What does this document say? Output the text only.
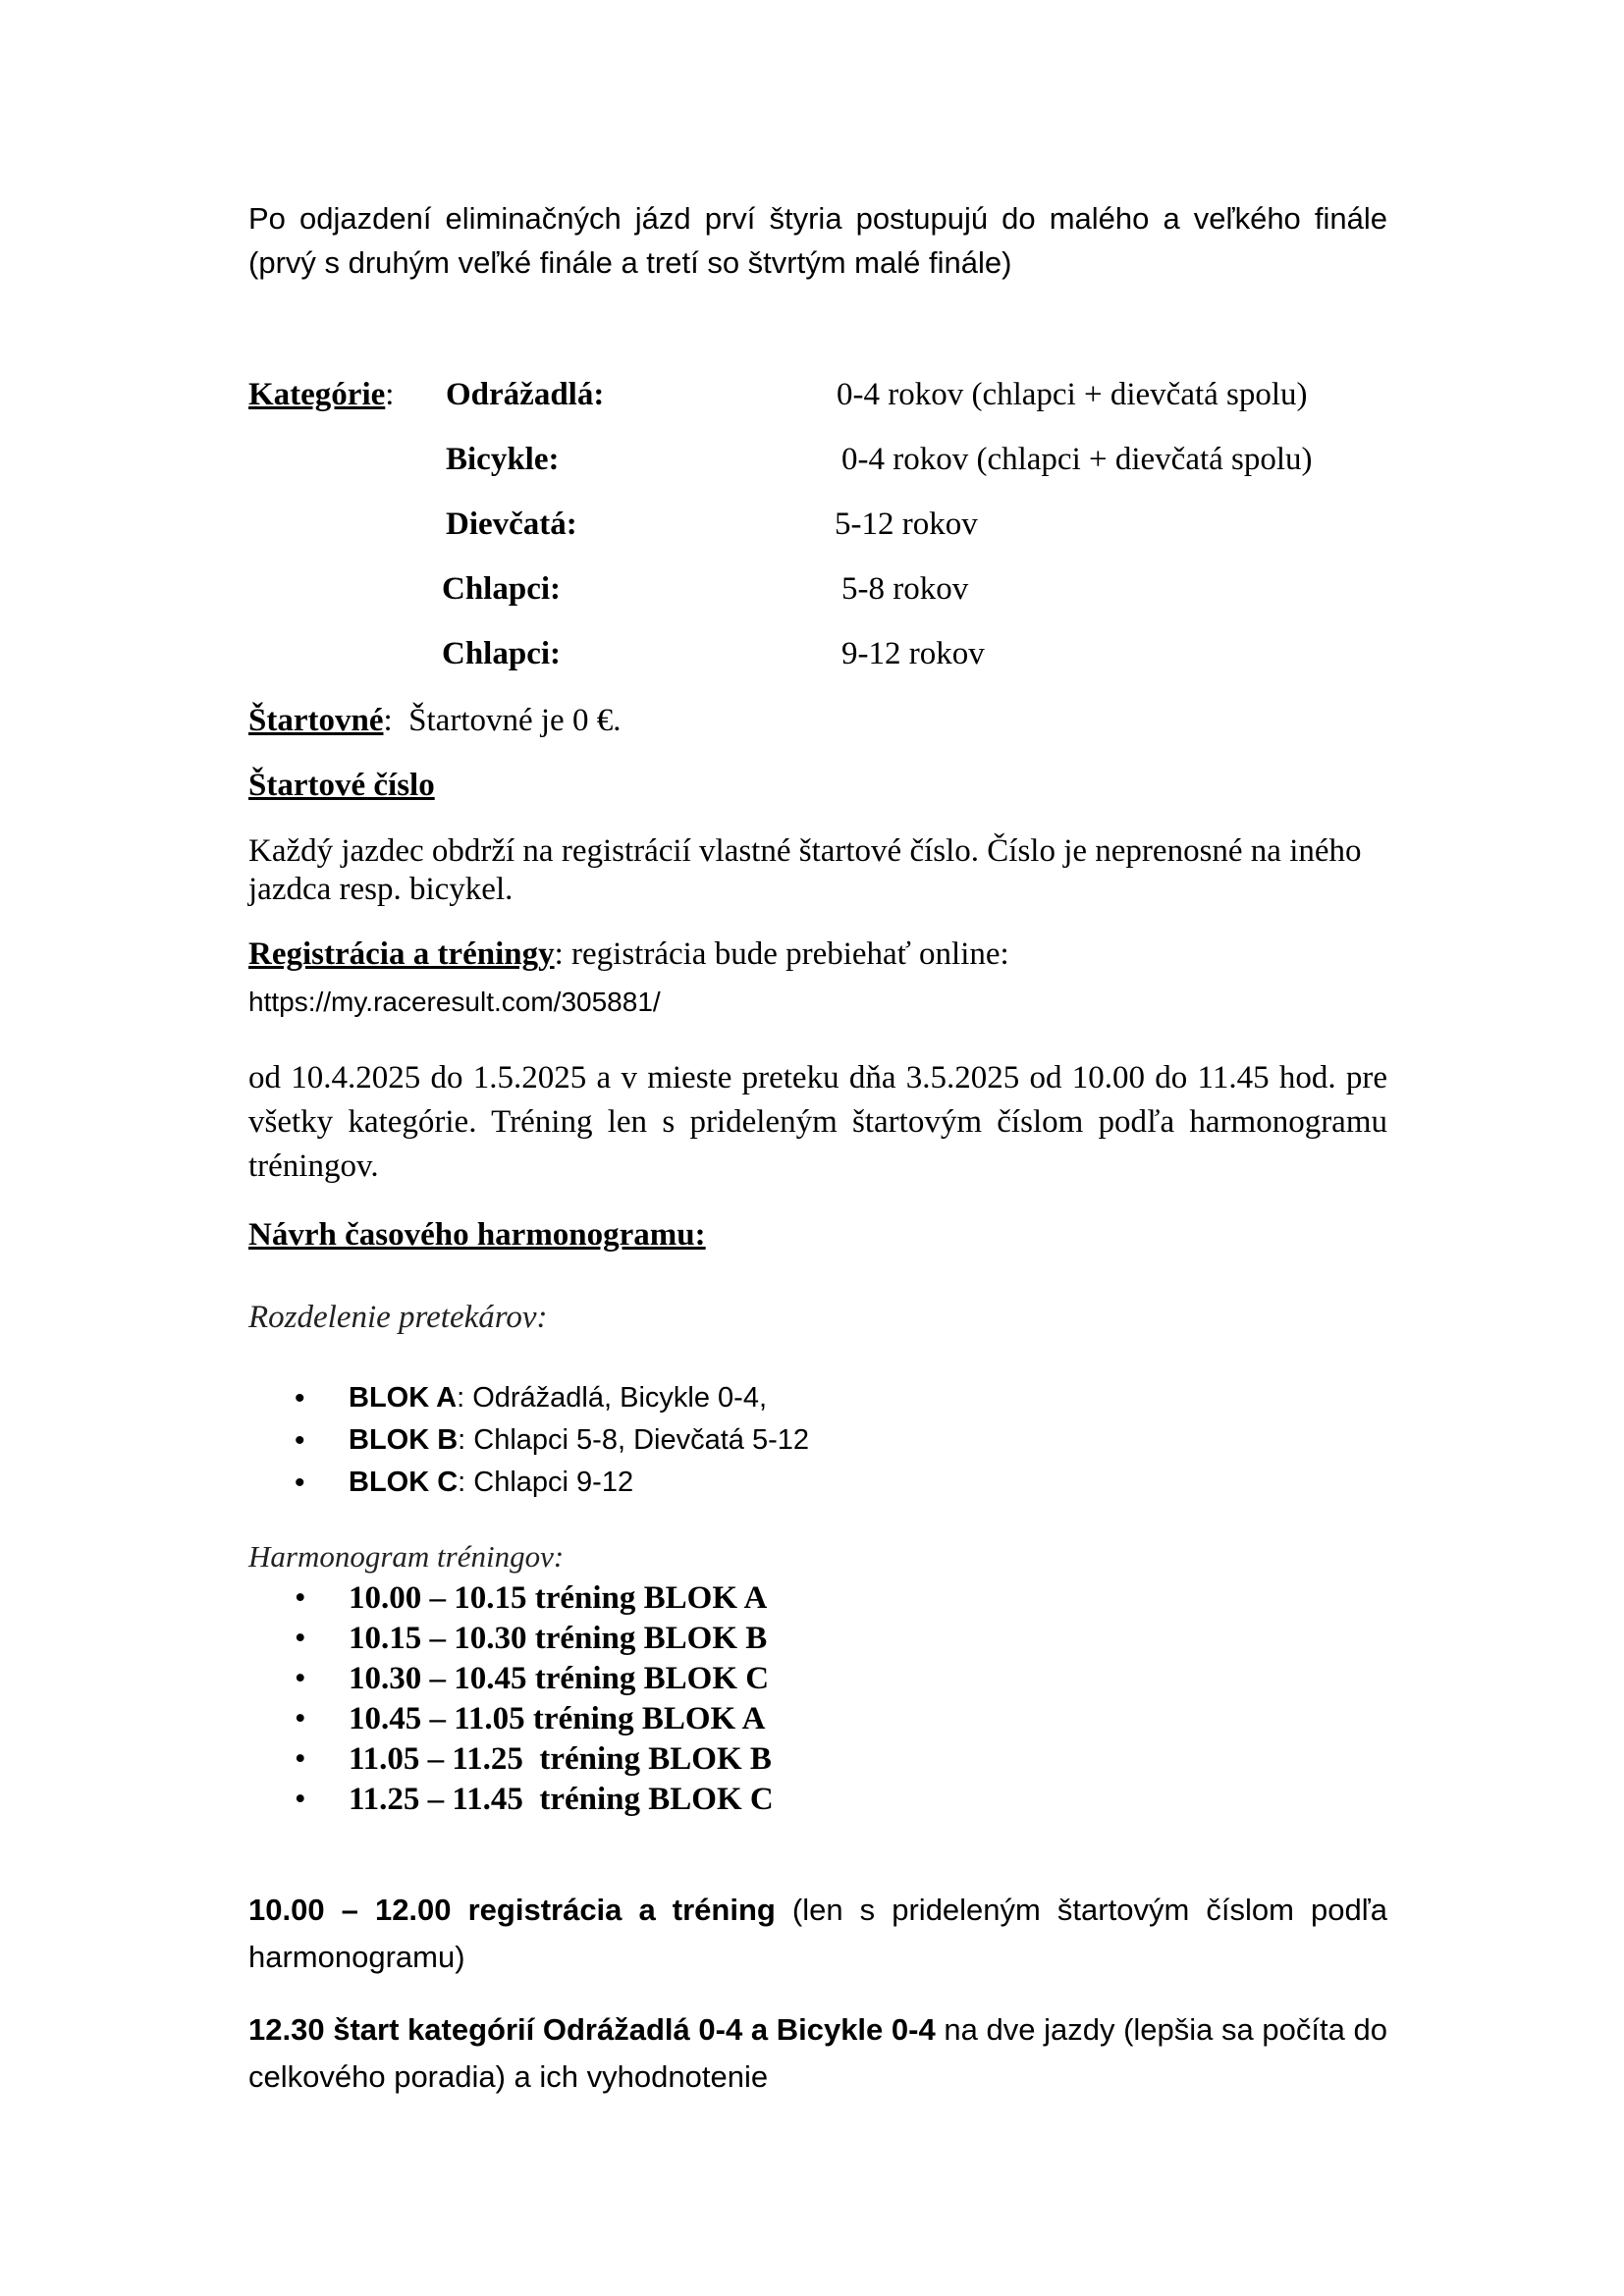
Po odjazdení eliminačných jázd prví štyria postupujú do malého a veľkého finále (prvý s druhým veľké finále a tretí so štvrtým malé finále)

Kategórie: Odrážadlá:	0-4 rokov (chlapci + dievčatá spolu)
Bicykle:	0-4 rokov (chlapci + dievčatá spolu)
Dievčatá:	5-12 rokov
Chlapci:	5-8 rokov
Chlapci:	9-12 rokov
Štartovné: Štartovné je 0 €.
Štartové číslo

Každý jazdec obdrží na registrácií vlastné štartové číslo. Číslo je neprenosné na iného jazdca resp. bicykel.

Registrácia a tréningy: registrácia bude prebiehať online:
https://my.raceresult.com/305881/

od 10.4.2025 do 1.5.2025 a v mieste preteku dňa 3.5.2025 od 10.00 do 11.45 hod. pre všetky kategórie. Tréning len s prideleným štartovým číslom podľa harmonogramu tréningov.

Návrh časového harmonogramu:
Rozdelenie pretekárov:
• BLOK A: Odrážadlá, Bicykle 0-4,
• BLOK B: Chlapci 5-8, Dievčatá 5-12
• BLOK C: Chlapci 9-12
Harmonogram tréningov:
• 10.00 – 10.15 tréning BLOK A
• 10.15 – 10.30 tréning BLOK B
• 10.30 – 10.45 tréning BLOK C
• 10.45 – 11.05 tréning BLOK A
• 11.05 – 11.25  tréning BLOK B
• 11.25 – 11.45  tréning BLOK C

10.00 – 12.00 registrácia a tréning (len s prideleným štartovým číslom podľa harmonogramu)

12.30 štart kategórií Odrážadlá 0-4 a Bicykle 0-4 na dve jazdy (lepšia sa počíta do celkového poradia) a ich vyhodnotenie
